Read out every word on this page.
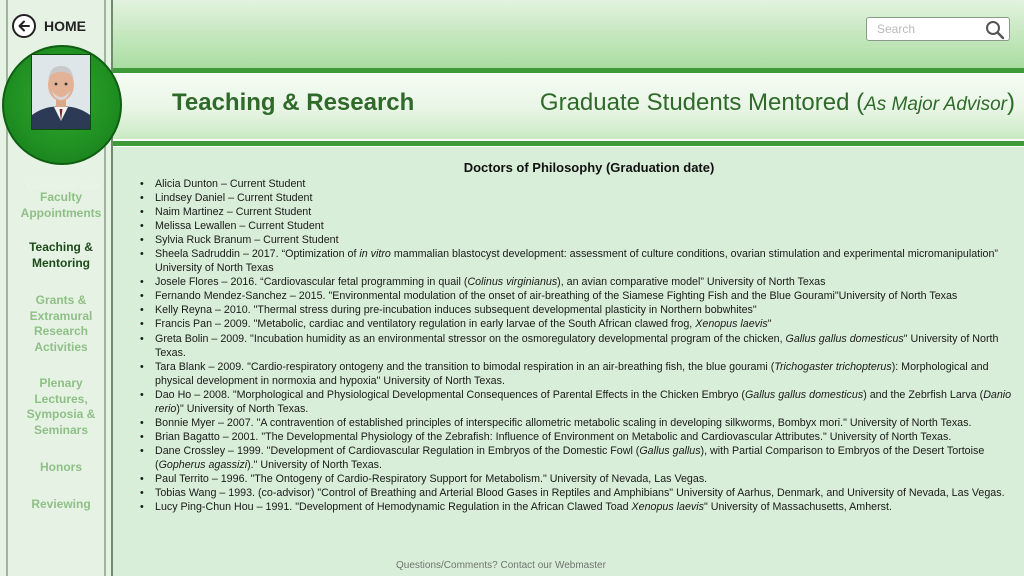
HOME
Curriculum Vitae
Faculty
Appointments
Teaching &
Mentoring
Grants &
Extramural
Research
Activities
Plenary
Lectures,
Symposia &
Seminars
Honors
Reviewing
Search
Teaching & Research	Graduate Students Mentored (As Major Advisor)
Doctors of Philosophy (Graduation date)
• Alicia Dunton – Current Student
• Lindsey Daniel – Current Student
• Naim Martinez – Current Student
• Melissa Lewallen – Current Student
• Sylvia Ruck Branum – Current Student
• Sheela Sadruddin – 2017. “Optimization of in vitro mammalian blastocyst development: assessment of culture conditions, ovarian stimulation and experimental micromanipulation” University of North Texas
• Josele Flores – 2016. “Cardiovascular fetal programming in quail (Colinus virginianus), an avian comparative model” University of North Texas
• Fernando Mendez-Sanchez – 2015. "Environmental modulation of the onset of air-breathing of the Siamese Fighting Fish and the Blue Gourami"University of North Texas
• Kelly Reyna – 2010. "Thermal stress during pre-incubation induces subsequent developmental plasticity in Northern bobwhites"
• Francis Pan – 2009. "Metabolic, cardiac and ventilatory regulation in early larvae of the South African clawed frog, Xenopus laevis"
• Greta Bolin – 2009. "Incubation humidity as an environmental stressor on the osmoregulatory developmental program of the chicken, Gallus gallus domesticus" University of North Texas.
• Tara Blank – 2009. "Cardio-respiratory ontogeny and the transition to bimodal respiration in an air-breathing fish, the blue gourami (Trichogaster trichopterus): Morphological and physical development in normoxia and hypoxia" University of North Texas.
• Dao Ho – 2008. "Morphological and Physiological Developmental Consequences of Parental Effects in the Chicken Embryo (Gallus gallus domesticus) and the Zebrfish Larva (Danio rerio)" University of North Texas.
• Bonnie Myer – 2007. "A contravention of established principles of interspecific allometric metabolic scaling in developing silkworms, Bombyx mori." University of North Texas.
• Brian Bagatto – 2001. "The Developmental Physiology of the Zebrafish: Influence of Environment on Metabolic and Cardiovascular Attributes." University of North Texas.
• Dane Crossley – 1999. "Development of Cardiovascular Regulation in Embryos of the Domestic Fowl (Gallus gallus), with Partial Comparison to Embryos of the Desert Tortoise (Gopherus agassizi)." University of North Texas.
• Paul Territo – 1996. "The Ontogeny of Cardio-Respiratory Support for Metabolism." University of Nevada, Las Vegas.
• Tobias Wang – 1993. (co-advisor) "Control of Breathing and Arterial Blood Gases in Reptiles and Amphibians" University of Aarhus, Denmark, and University of Nevada, Las Vegas.
• Lucy Ping-Chun Hou – 1991. "Development of Hemodynamic Regulation in the African Clawed Toad Xenopus laevis" University of Massachusetts, Amherst.
Questions/Comments? Contact our Webmaster
